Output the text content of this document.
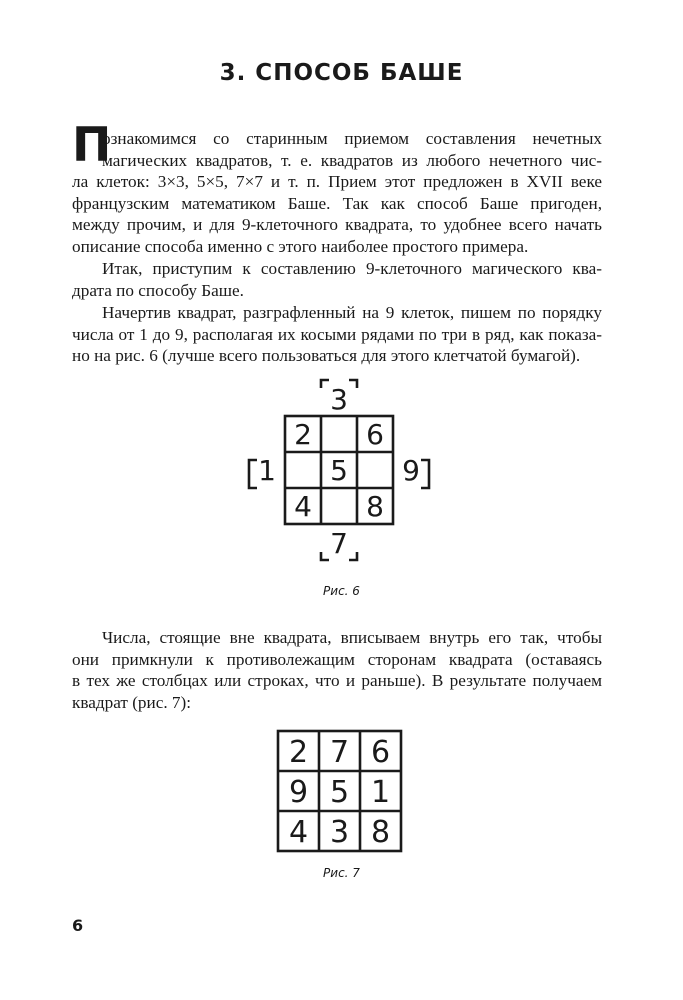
3. СПОСОБ БАШЕ
П
ознакомимся со старинным приемом составления нечетных
магических квадратов, т. е. квадратов из любого нечетного чис-
ла клеток: 3×3, 5×5, 7×7 и т. п. Прием этот предложен в XVII веке
французским математиком Баше. Так как способ Баше пригоден,
между прочим, и для 9-клеточного квадрата, то удобнее всего начать
описание способа именно с этого наиболее простого примера.
Итак, приступим к составлению 9-клеточного магического ква-
драта по способу Баше.
Начертив квадрат, разграфленный на 9 клеток, пишем по порядку
числа от 1 до 9, располагая их косыми рядами по три в ряд, как показа-
но на рис. 6 (лучше всего пользоваться для этого клетчатой бумагой).
2 6
5
4 8
3
7
1	9
Рис. 6
Числа, стоящие вне квадрата, вписываем внутрь его так, чтобы
они примкнули к противолежащим сторонам квадрата (оставаясь
в тех же столбцах или строках, что и раньше). В результате получаем
квадрат (рис. 7):
2 7 6
9 5 1
4 3 8
Рис. 7
6
